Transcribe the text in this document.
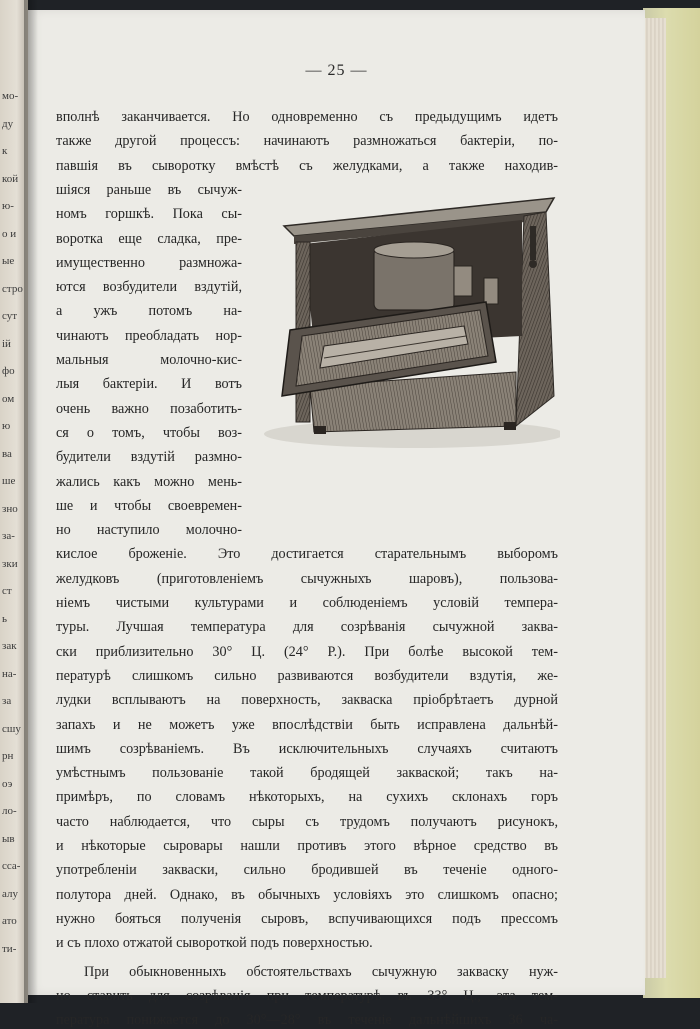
мо-
ду
к
кой
ю-
о и
ые
стро
сут
ій
фо
ом
ю
ва
ше
зно
за-
зки
ст
ь
зак
на-
за
сшу
рн
оэ
ло-
ыв
сса-
алу
ато
ти-
— 25 —
вполнѣ заканчивается. Но одновременно съ предыдущимъ идетъ
также другой процессъ: начинаютъ размножаться бактеріи, по-
павшія въ сыворотку вмѣстѣ съ желудками, а также находив-
шіяся раньше въ сычуж-
номъ горшкѣ. Пока сы-
воротка еще сладка, пре-
имущественно размножа-
ются возбудители вздутій,
а ужъ потомъ на-
чинаютъ преобладать нор-
мальныя молочно-кис-
лыя бактеріи. И вотъ
очень важно позаботить-
ся о томъ, чтобы воз-
будители вздутій размно-
жались какъ можно мень-
ше и чтобы своевремен-
но наступило молочно-
кислое броженіе. Это достигается старательнымъ выборомъ
желудковъ (приготовленіемъ сычужныхъ шаровъ), пользова-
ніемъ чистыми культурами и соблюденіемъ условій темпера-
туры. Лучшая температура для созрѣванія сычужной заква-
ски приблизительно 30° Ц. (24° Р.). При болѣе высокой тем-
пературѣ слишкомъ сильно развиваются возбудители вздутія, же-
лудки всплываютъ на поверхность, закваска пріобрѣтаетъ дурной
запахъ и не можетъ уже впослѣдствіи быть исправлена дальнѣй-
шимъ созрѣваніемъ. Въ исключительныхъ случаяхъ считаютъ
умѣстнымъ пользованіе такой бродящей закваской; такъ на-
примѣръ, по словамъ нѣкоторыхъ, на сухихъ склонахъ горъ
часто наблюдается, что сыры съ трудомъ получаютъ рисунокъ,
и нѣкоторые сыровары нашли противъ этого вѣрное средство въ
употребленіи закваски, сильно бродившей въ теченіе одного-
полутора дней. Однако, въ обычныхъ условіяхъ это слишкомъ опасно;
нужно бояться полученія сыровъ, вспучивающихся подъ прессомъ
и съ плохо отжатой сывороткой подъ поверхностью.
При обыкновенныхъ обстоятельствахъ сычужную закваску нуж-
но ставить для созрѣванія при температурѣ въ 33° Ц., эта тем-
пература понижается до 30°—28° въ теченіе дальнѣйшихъ 36 ча-
